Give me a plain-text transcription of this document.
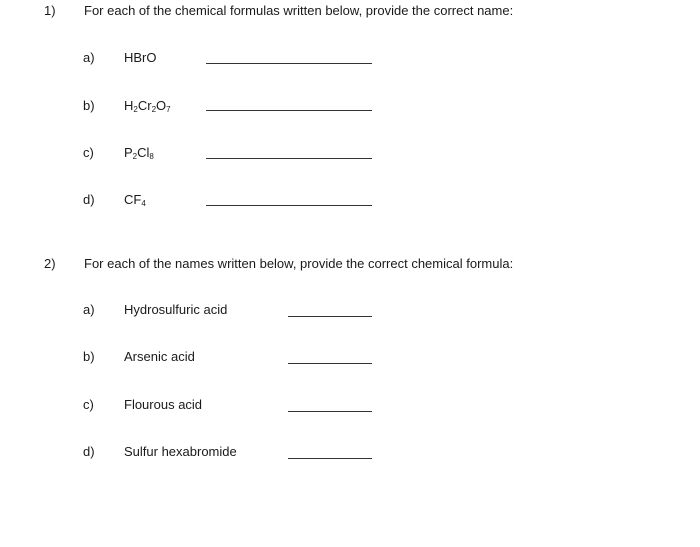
1) For each of the chemical formulas written below, provide the correct name:
a) HBrO
b) $H_2Cr_2O_7$
c) $P_2Cl_8$
d) $CF_4$
2) For each of the names written below, provide the correct chemical formula:
a) Hydrosulfuric acid
b) Arsenic acid
c) Flourous acid
d) Sulfur hexabromide
